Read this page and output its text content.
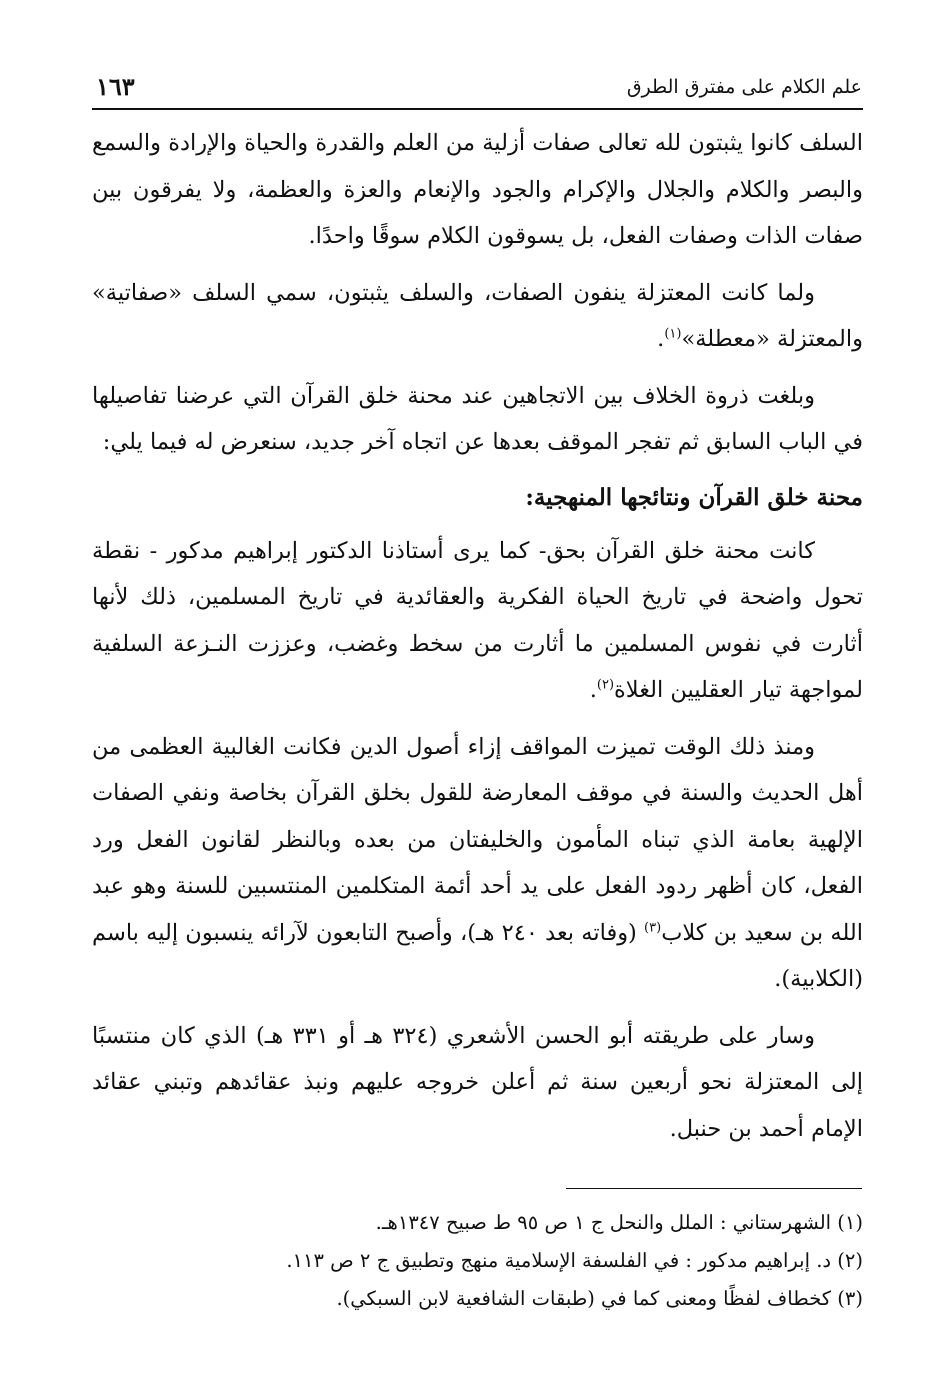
علم الكلام على مفترق الطرق
١٦٣

السلف كانوا يثبتون لله تعالى صفات أزلية من العلم والقدرة والحياة والإرادة والسمع والبصر والكلام والجلال والإكرام والجود والإنعام والعزة والعظمة، ولا يفرقون بين صفات الذات وصفات الفعل، بل يسوقون الكلام سوقًا واحدًا.

ولما كانت المعتزلة ينفون الصفات، والسلف يثبتون، سمي السلف «صفاتية» والمعتزلة «معطلة»$^{(١)}$.

وبلغت ذروة الخلاف بين الاتجاهين عند محنة خلق القرآن التي عرضنا تفاصيلها في الباب السابق ثم تفجر الموقف بعدها عن اتجاه آخر جديد، سنعرض له فيما يلي:

محنة خلق القرآن ونتائجها المنهجية:

كانت محنة خلق القرآن بحق- كما يرى أستاذنا الدكتور إبراهيم مدكور - نقطة تحول واضحة في تاريخ الحياة الفكرية والعقائدية في تاريخ المسلمين، ذلك لأنها أثارت في نفوس المسلمين ما أثارت من سخط وغضب، وعززت النـزعة السلفية لمواجهة تيار العقليين الغلاة$^{(٢)}$.

ومنذ ذلك الوقت تميزت المواقف إزاء أصول الدين فكانت الغالبية العظمى من أهل الحديث والسنة في موقف المعارضة للقول بخلق القرآن بخاصة ونفي الصفات الإلهية بعامة الذي تبناه المأمون والخليفتان من بعده وبالنظر لقانون الفعل ورد الفعل، كان أظهر ردود الفعل على يد أحد أئمة المتكلمين المنتسبين للسنة وهو عبد الله بن سعيد بن كلاب$^{(٣)}$ (وفاته بعد ٢٤٠ هـ)، وأصبح التابعون لآرائه ينسبون إليه باسم (الكلابية).

وسار على طريقته أبو الحسن الأشعري (٣٢٤ هـ أو ٣٣١ هـ) الذي كان منتسبًا إلى المعتزلة نحو أربعين سنة ثم أعلن خروجه عليهم ونبذ عقائدهم وتبني عقائد الإمام أحمد بن حنبل.

(١) الشهرستاني : الملل والنحل ج ١ ص ٩٥ ط صبيح ١٣٤٧هـ.

(٢) د. إبراهيم مدكور : في الفلسفة الإسلامية منهج وتطبيق ج ٢ ص ١١٣.

(٣) كخطاف لفظًا ومعنى كما في (طبقات الشافعية لابن السبكي).
